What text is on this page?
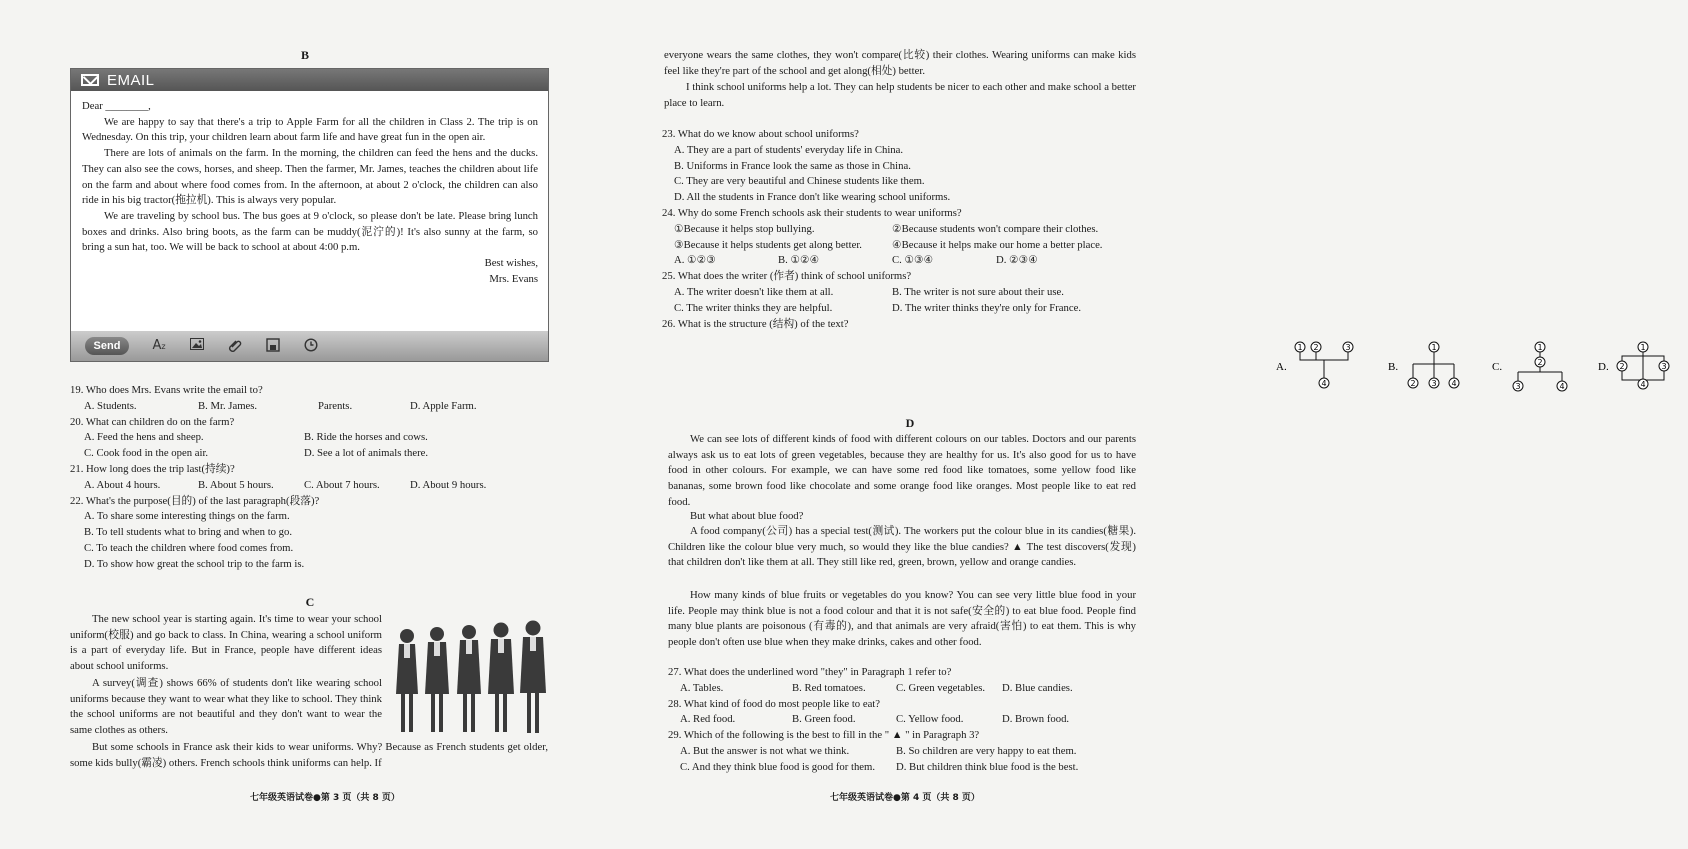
B
EMAIL
Dear ________,

We are happy to say that there's a trip to Apple Farm for all the children in Class 2. The trip is on Wednesday. On this trip, your children learn about farm life and have great fun in the open air.

There are lots of animals on the farm. In the morning, the children can feed the hens and the ducks. They can also see the cows, horses, and sheep. Then the farmer, Mr. James, teaches the children about life on the farm and about where food comes from. In the afternoon, at about 2 o'clock, the children can also ride in his big tractor(拖拉机). This is always very popular.

We are traveling by school bus. The bus goes at 9 o'clock, so please don't be late. Please bring lunch boxes and drinks. Also bring boots, as the farm can be muddy(泥泞的)! It's also sunny at the farm, so bring a sun hat, too. We will be back to school at about 4:00 p.m.

Best wishes,
Mrs. Evans
Send	Az
19. Who does Mrs. Evans write the email to?
A. Students.	B. Mr. James.	Parents.	D. Apple Farm.
20. What can children do on the farm?
A. Feed the hens and sheep.	B. Ride the horses and cows.
C. Cook food in the open air.	D. See a lot of animals there.
21. How long does the trip last(持续)?
A. About 4 hours.	B. About 5 hours.	C. About 7 hours.	D. About 9 hours.
22. What's the purpose(目的) of the last paragraph(段落)?
A. To share some interesting things on the farm.
B. To tell students what to bring and when to go.
C. To teach the children where food comes from.
D. To show how great the school trip to the farm is.
C
The new school year is starting again. It's time to wear your school uniform(校服) and go back to class. In China, wearing a school uniform is a part of everyday life. But in France, people have different ideas about school uniforms.
A survey(调查) shows 66% of students don't like wearing school uniforms because they want to wear what they like to school. They think the school uniforms are not beautiful and they don't want to wear the same clothes as others.
But some schools in France ask their kids to wear uniforms. Why? Because as French students get older, some kids bully(霸凌) others. French schools think uniforms can help. If
七年级英语试卷●第 3 页（共 8 页）
everyone wears the same clothes, they won't compare(比较) their clothes. Wearing uniforms can make kids feel like they're part of the school and get along(相处) better.
I think school uniforms help a lot. They can help students be nicer to each other and make school a better place to learn.
23. What do we know about school uniforms?
A. They are a part of students' everyday life in China.
B. Uniforms in France look the same as those in China.
C. They are very beautiful and Chinese students like them.
D. All the students in France don't like wearing school uniforms.
24. Why do some French schools ask their students to wear uniforms?
①Because it helps stop bullying.	②Because students won't compare their clothes.
③Because it helps students get along better.	④Because it helps make our home a better place.
A. ①②③	B. ①②④	C. ①③④	D. ②③④
25. What does the writer (作者) think of school uniforms?
A. The writer doesn't like them at all.	B. The writer is not sure about their use.
C. The writer thinks they are helpful.	D. The writer thinks they're only for France.
26. What is the structure (结构) of the text?
A.
1 2	3
4
B.
1
2 3 4
C.
1
2
3	4
D.
1
2	3
4
D
We can see lots of different kinds of food with different colours on our tables. Doctors and our parents always ask us to eat lots of green vegetables, because they are healthy for us. It's also good for us to have food in other colours. For example, we can have some red food like tomatoes, some yellow food like bananas, some brown food like chocolate and some orange food like oranges. Most people like to eat red food.
But what about blue food?
A food company(公司) has a special test(测试). The workers put the colour blue in its candies(糖果). Children like the colour blue very much, so would they like the blue candies? ▲ The test discovers(发现) that children don't like them at all. They still like red, green, brown, yellow and orange candies.
How many kinds of blue fruits or vegetables do you know? You can see very little blue food in your life. People may think blue is not a food colour and that it is not safe(安全的) to eat blue food. People find many blue plants are poisonous (有毒的), and that animals are very afraid(害怕) to eat them. This is why people don't often use blue when they make drinks, cakes and other food.
27. What does the underlined word "they" in Paragraph 1 refer to?
A. Tables.	B. Red tomatoes.	C. Green vegetables.	D. Blue candies.
28. What kind of food do most people like to eat?
A. Red food.	B. Green food.	C. Yellow food.	D. Brown food.
29. Which of the following is the best to fill in the " ▲ " in Paragraph 3?
A. But the answer is not what we think.	B. So children are very happy to eat them.
C. And they think blue food is good for them.	D. But children think blue food is the best.
七年级英语试卷●第 4 页（共 8 页）
